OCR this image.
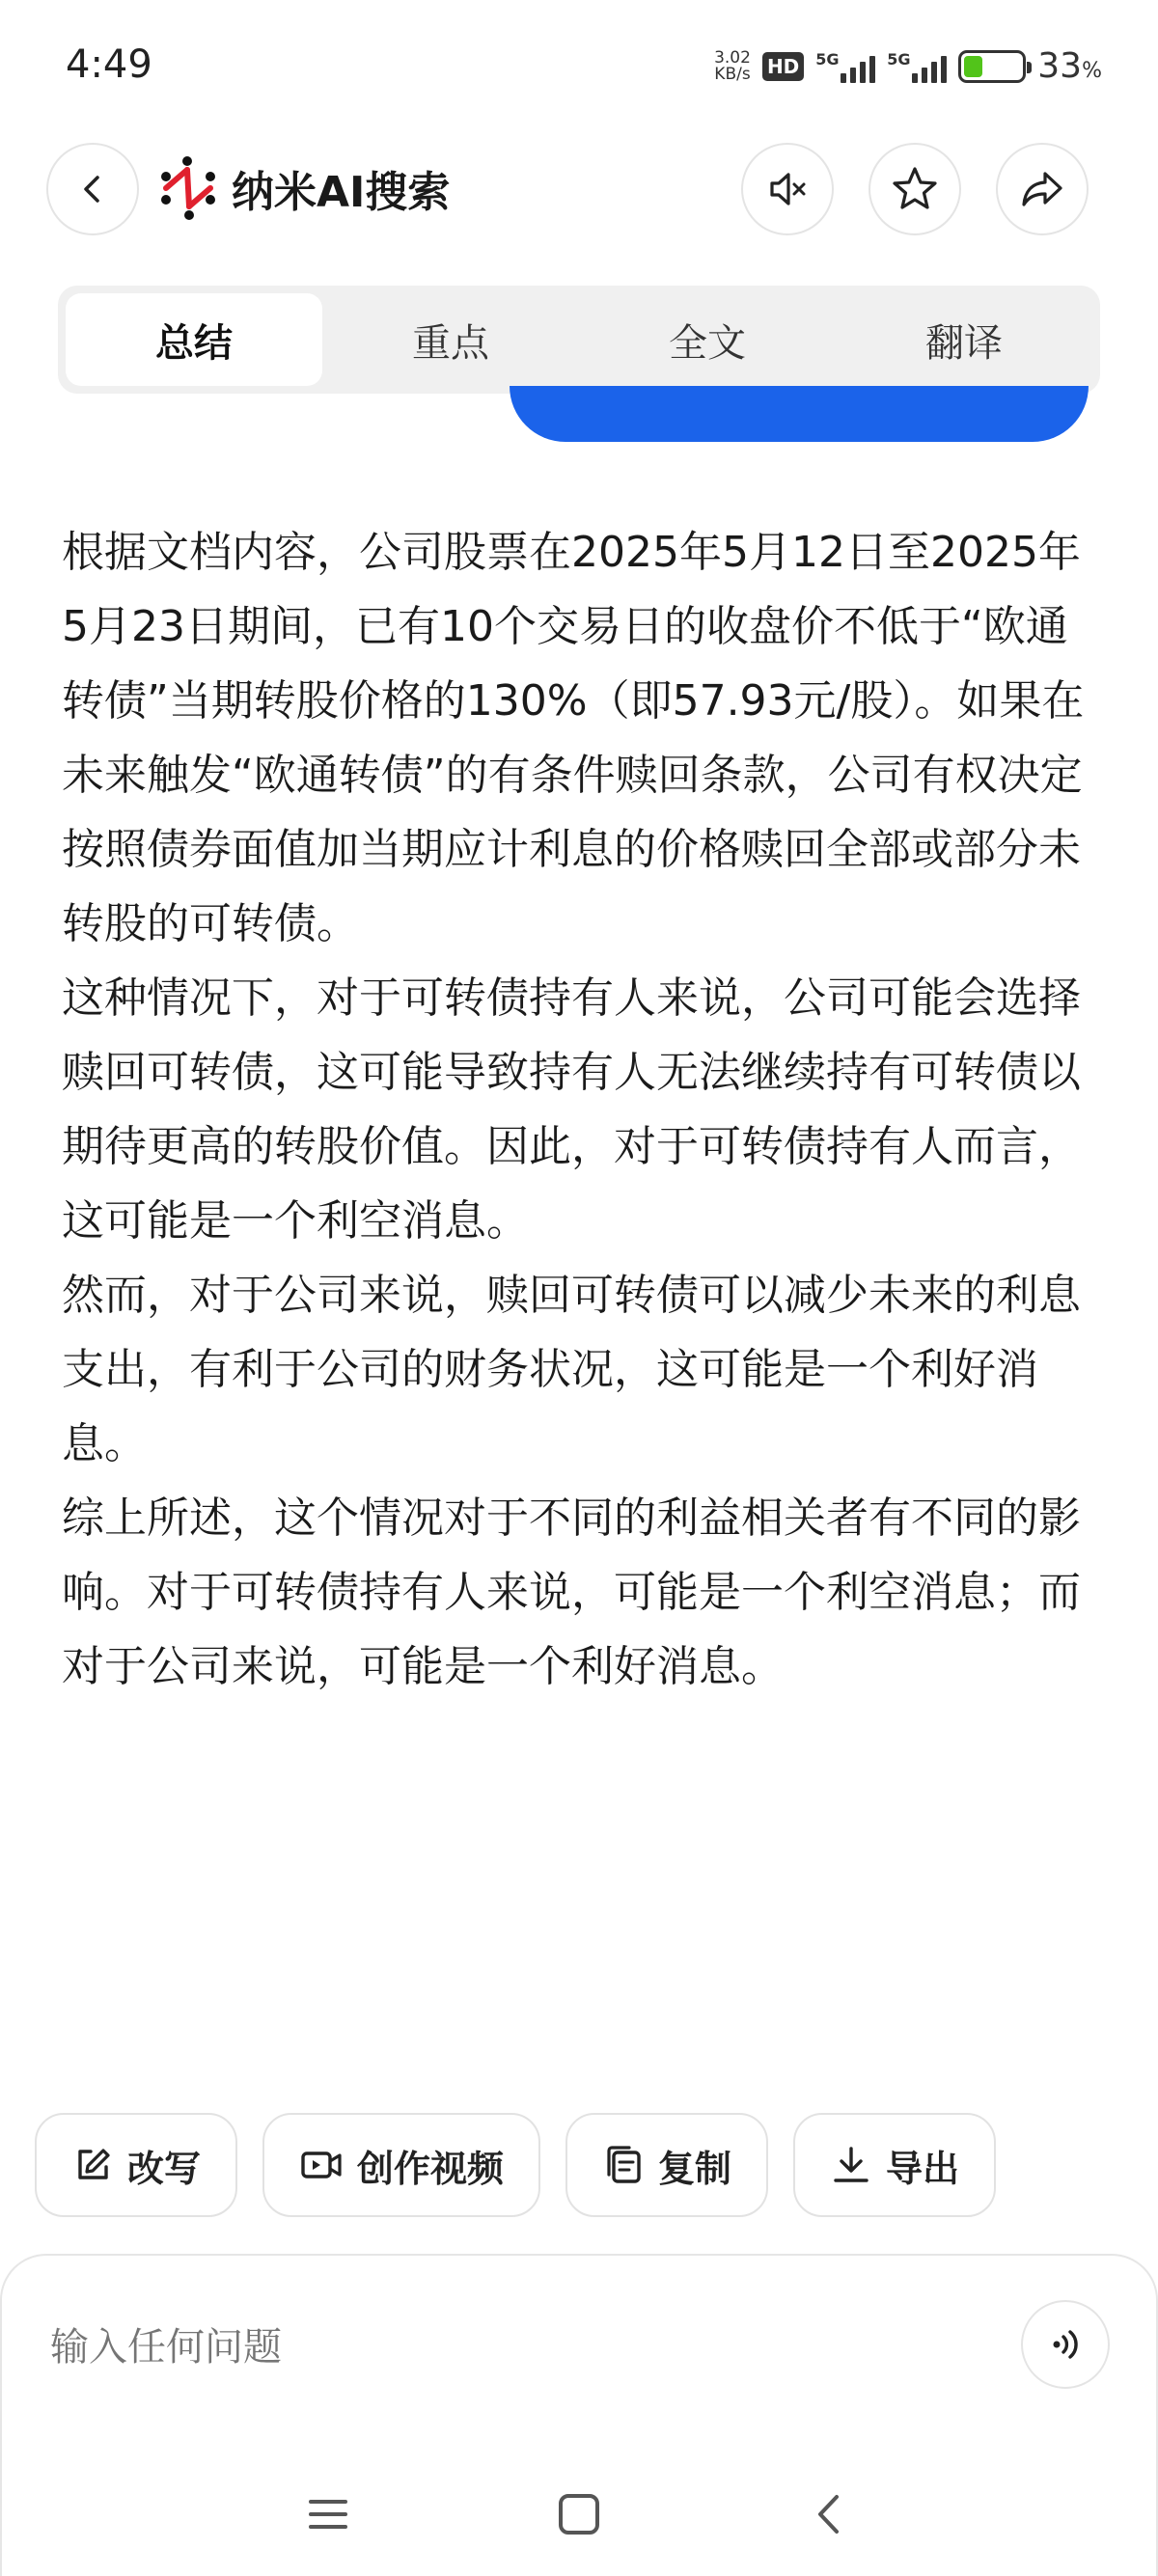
4:49	3.02
KB/s HD	5G	5G	33%
纳米AI搜索
总结	重点	全文	翻译

根据文档内容，公司股票在2025年5月12日至2025年5月23日期间，已有10个交易日的收盘价不低于“欧通转债”当期转股价格的130%（即57.93元/股）。如果在未来触发“欧通转债”的有条件赎回条款，公司有权决定按照债券面值加当期应计利息的价格赎回全部或部分未转股的可转债。

这种情况下，对于可转债持有人来说，公司可能会选择赎回可转债，这可能导致持有人无法继续持有可转债以期待更高的转股价值。因此，对于可转债持有人而言，这可能是一个利空消息。

然而，对于公司来说，赎回可转债可以减少未来的利息支出，有利于公司的财务状况，这可能是一个利好消息。

综上所述，这个情况对于不同的利益相关者有不同的影响。对于可转债持有人来说，可能是一个利空消息；而对于公司来说，可能是一个利好消息。

改写	创作视频	复制	导出
输入任何问题
